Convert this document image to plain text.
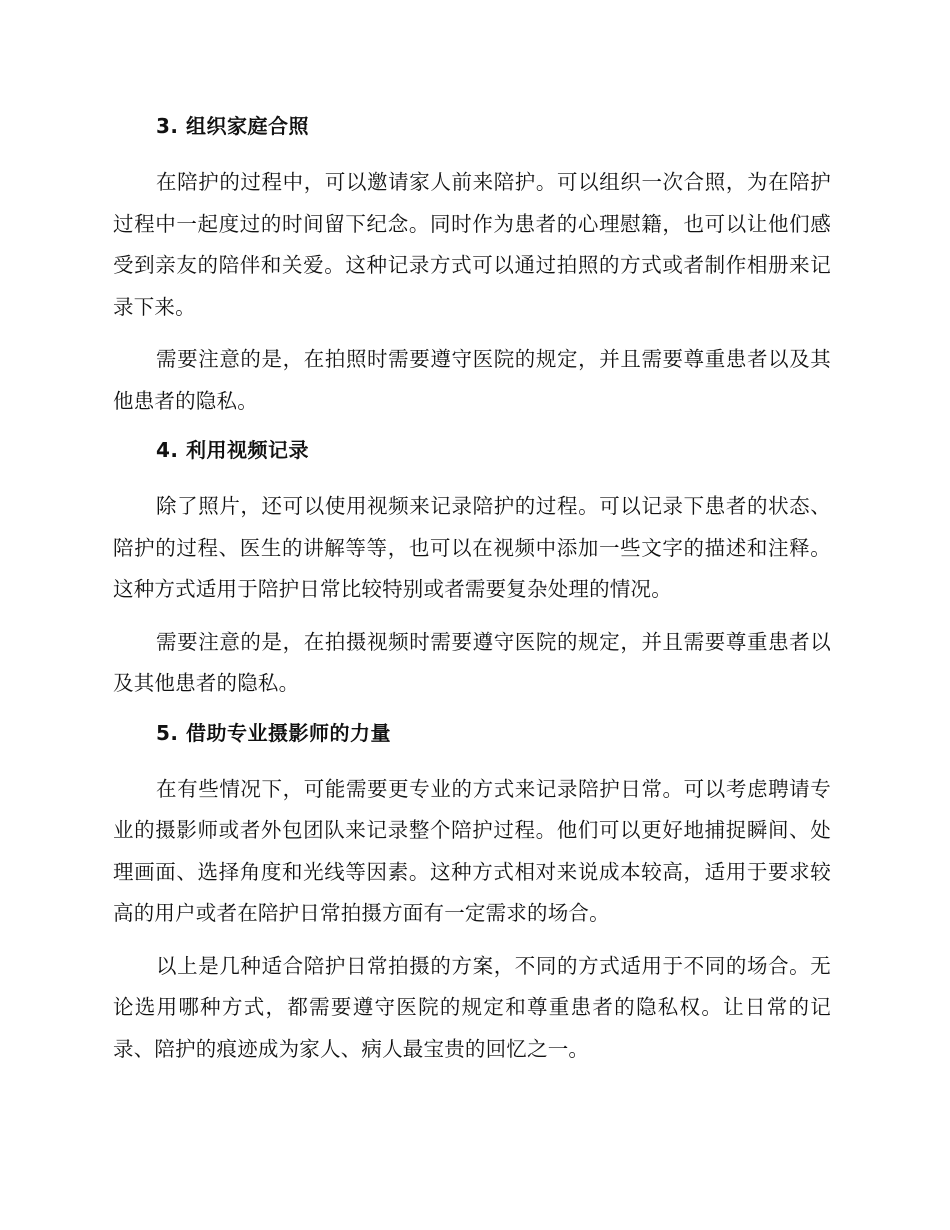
3. 组织家庭合照

在陪护的过程中，可以邀请家人前来陪护。可以组织一次合照，为在陪护过程中一起度过的时间留下纪念。同时作为患者的心理慰籍，也可以让他们感受到亲友的陪伴和关爱。这种记录方式可以通过拍照的方式或者制作相册来记录下来。

需要注意的是，在拍照时需要遵守医院的规定，并且需要尊重患者以及其他患者的隐私。

4. 利用视频记录

除了照片，还可以使用视频来记录陪护的过程。可以记录下患者的状态、陪护的过程、医生的讲解等等，也可以在视频中添加一些文字的描述和注释。这种方式适用于陪护日常比较特别或者需要复杂处理的情况。

需要注意的是，在拍摄视频时需要遵守医院的规定，并且需要尊重患者以及其他患者的隐私。

5. 借助专业摄影师的力量

在有些情况下，可能需要更专业的方式来记录陪护日常。可以考虑聘请专业的摄影师或者外包团队来记录整个陪护过程。他们可以更好地捕捉瞬间、处理画面、选择角度和光线等因素。这种方式相对来说成本较高，适用于要求较高的用户或者在陪护日常拍摄方面有一定需求的场合。

以上是几种适合陪护日常拍摄的方案，不同的方式适用于不同的场合。无论选用哪种方式，都需要遵守医院的规定和尊重患者的隐私权。让日常的记录、陪护的痕迹成为家人、病人最宝贵的回忆之一。
